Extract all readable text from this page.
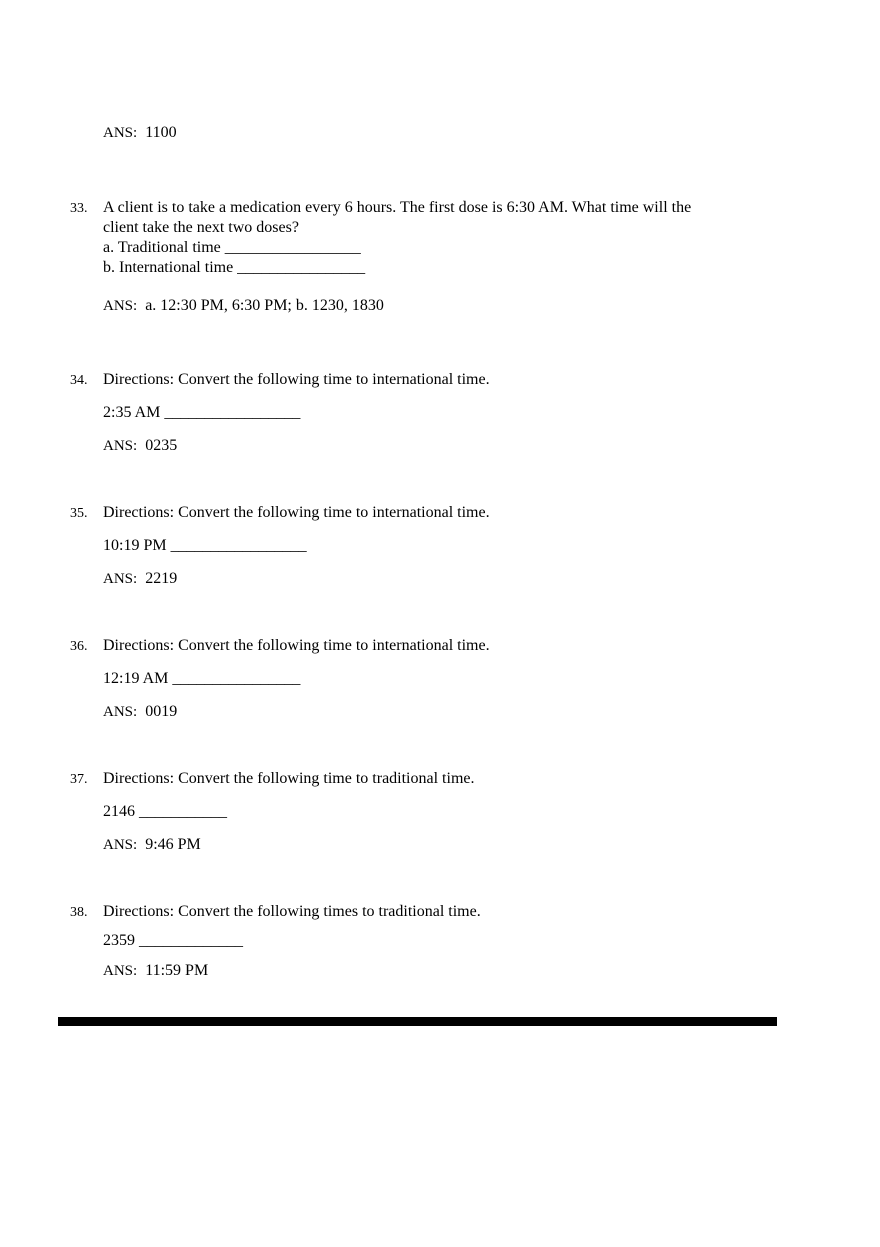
ANS: 1100
33. A client is to take a medication every 6 hours. The first dose is 6:30 AM. What time will the
client take the next two doses?
a. Traditional time _________________
b. International time ________________
ANS: a. 12:30 PM, 6:30 PM; b. 1230, 1830
34. Directions: Convert the following time to international time.
2:35 AM _________________
ANS: 0235
35. Directions: Convert the following time to international time.
10:19 PM _________________
ANS: 2219
36. Directions: Convert the following time to international time.
12:19 AM ________________
ANS: 0019
37. Directions: Convert the following time to traditional time.
2146 ___________
ANS: 9:46 PM
38. Directions: Convert the following times to traditional time.
2359 _____________
ANS: 11:59 PM
